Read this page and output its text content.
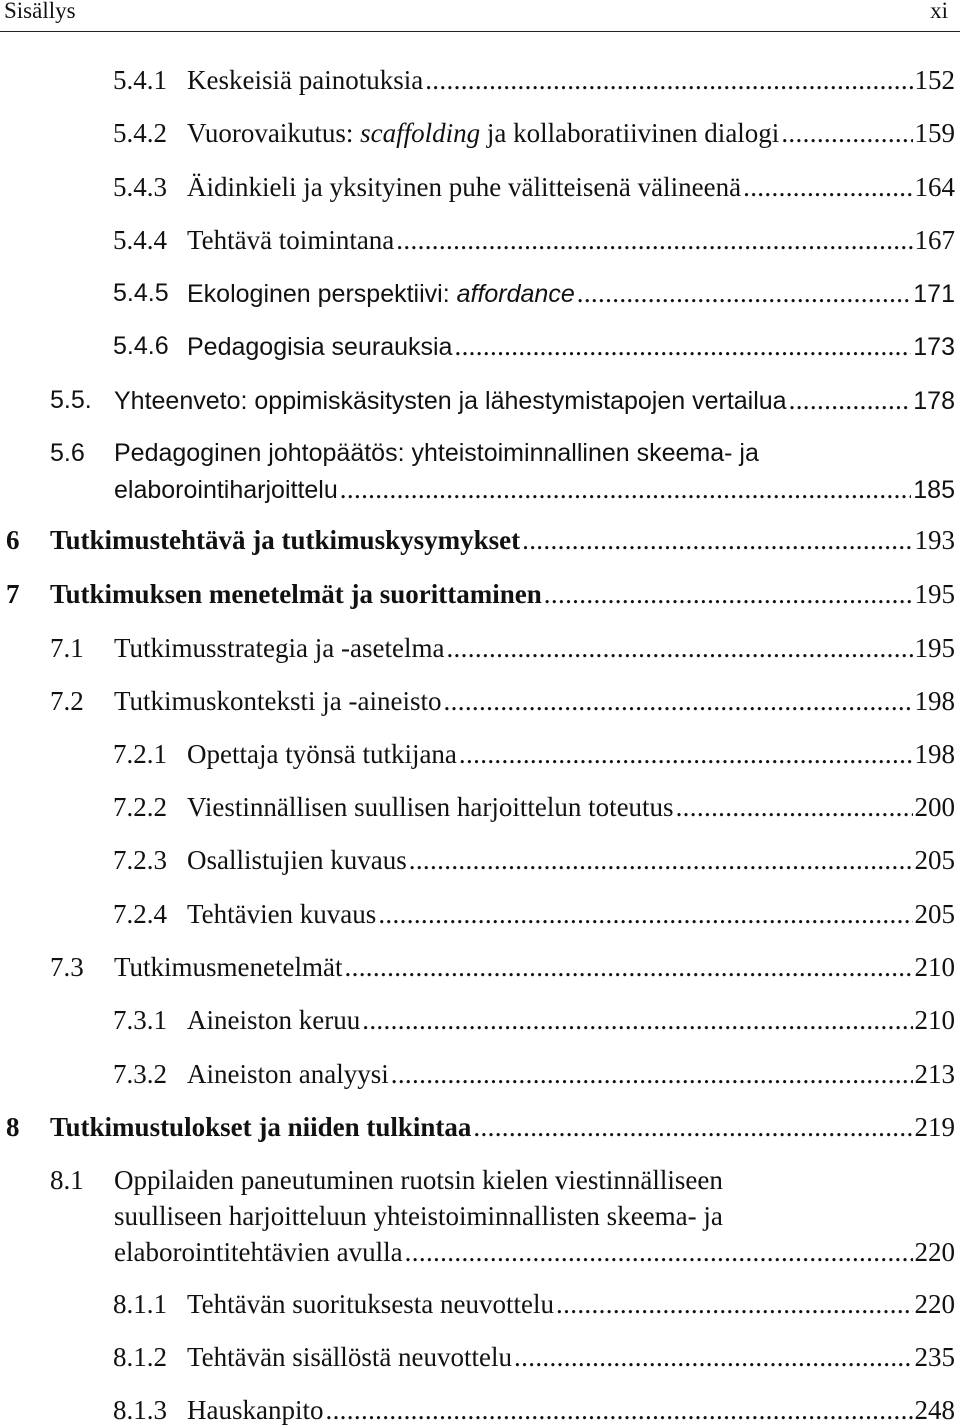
Sisällys	xi
5.4.1 Keskeisiä painotuksia . . .	152
5.4.2 Vuorovaikutus: scaffolding ja kollaboratiivinen dialogi . . .	159
5.4.3 Äidinkieli ja yksityinen puhe välitteisenä välineenä . . .	164
5.4.4 Tehtävä toimintana . . .	167
5.4.5 Ekologinen perspektiivi: affordance . . .	171
5.4.6 Pedagogisia seurauksia . . .	173
5.5. Yhteenveto: oppimiskäsitysten ja lähestymistapojen vertailua . . .	178
5.6 Pedagoginen johtopäätös: yhteistoiminnallinen skeema- ja
elaborointiharjoittelu . . .	185
6 Tutkimustehtävä ja tutkimuskysymykset . . .	193
7 Tutkimuksen menetelmät ja suorittaminen . . .	195
7.1 Tutkimusstrategia ja -asetelma . . .	195
7.2 Tutkimuskonteksti ja -aineisto . . .	198
7.2.1 Opettaja työnsä tutkijana . . .	198
7.2.2 Viestinnällisen suullisen harjoittelun toteutus . . .	200
7.2.3 Osallistujien kuvaus . . .	205
7.2.4 Tehtävien kuvaus . . .	205
7.3 Tutkimusmenetelmät . . .	210
7.3.1 Aineiston keruu . . .	210
7.3.2 Aineiston analyysi . . .	213
8 Tutkimustulokset ja niiden tulkintaa . . .	219
8.1 Oppilaiden paneutuminen ruotsin kielen viestinnälliseen
suulliseen harjoitteluun yhteistoiminnallisten skeema- ja
elaborointitehtävien avulla . . .	220
8.1.1 Tehtävän suorituksesta neuvottelu . . .	220
8.1.2 Tehtävän sisällöstä neuvottelu . . .	235
8.1.3 Hauskanpito . . .	248
